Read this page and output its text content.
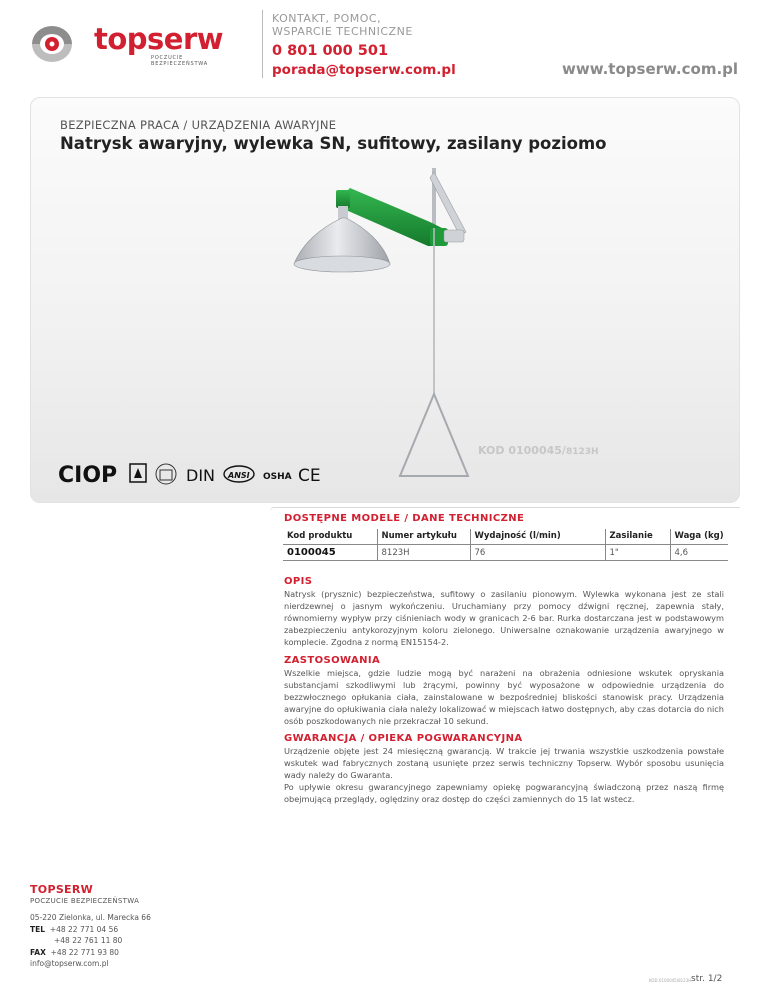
topserw
POCZUCIE BEZPIECZEŃSTWA
KONTAKT, POMOC, WSPARCIE TECHNICZNE
0 801 000 501
porada@topserw.com.pl	www.topserw.com.pl
BEZPIECZNA PRACA / URZĄDZENIA AWARYJNE
Natrysk awaryjny, wylewka SN, sufitowy, zasilany poziomo
KOD 0100045/8123H
CIOP	DIN ANSI OSHA CE
DOSTĘPNE MODELE / DANE TECHNICZNE
Kod produktu	Numer artykułu	Wydajność (l/min)	Zasilanie	Waga (kg)
0100045	8123H	76	1"	4,6
OPIS
Natrysk (prysznic) bezpieczeństwa, sufitowy o zasilaniu pionowym. Wylewka wykonana jest ze stali nierdzewnej o jasnym wykończeniu. Uruchamiany przy pomocy dźwigni ręcznej, zapewnia stały, równomierny wypływ przy ciśnieniach wody w granicach 2-6 bar. Rurka dostarczana jest w podstawowym zabezpieczeniu antykorozyjnym koloru zielonego. Uniwersalne oznakowanie urządzenia awaryjnego w komplecie. Zgodna z normą EN15154-2.
ZASTOSOWANIA
Wszelkie miejsca, gdzie ludzie mogą być narażeni na obrażenia odniesione wskutek opryskania substancjami szkodliwymi lub żrącymi, powinny być wyposażone w odpowiednie urządzenia do bezzwłocznego opłukania ciała, zainstalowane w bezpośredniej bliskości stanowisk pracy. Urządzenia awaryjne do opłukiwania ciała należy lokalizować w miejscach łatwo dostępnych, aby czas dotarcia do nich osób poszkodowanych nie przekraczał 10 sekund.
GWARANCJA / OPIEKA POGWARANCYJNA
Urządzenie objęte jest 24 miesięczną gwarancją. W trakcie jej trwania wszystkie uszkodzenia powstałe wskutek wad fabrycznych zostaną usunięte przez serwis techniczny Topserw. Wybór sposobu usunięcia wady należy do Gwaranta.
Po upływie okresu gwarancyjnego zapewniamy opiekę pogwarancyjną świadczoną przez naszą firmę obejmującą przeglądy, oględziny oraz dostęp do części zamiennych do 15 lat wstecz.
TOPSERW
POCZUCIE BEZPIECZEŃSTWA
05-220 Zielonka, ul. Marecka 66
TEL +48 22 771 04 56
+48 22 761 11 80
FAX +48 22 771 93 80
info@topserw.com.pl
KOD 0100045/8123H str. 1/2
